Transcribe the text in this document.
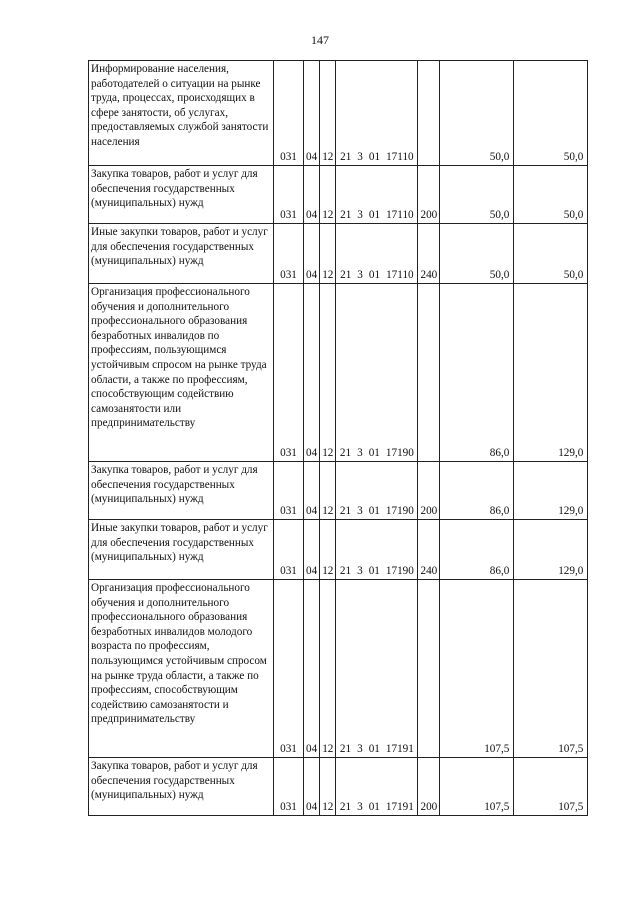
147
Информирование населения, работодателей о ситуации на рынке труда, процессах, происходящих в сфере занятости, об услугах, предоставляемых службой занятости населения	031	04	12	21 3 01 17110		50,0	50,0

Закупка товаров, работ и услуг для обеспечения государственных (муниципальных) нужд	031	04	12	21 3 01 17110	200	50,0	50,0

Иные закупки товаров, работ и услуг для обеспечения государственных (муниципальных) нужд	031	04	12	21 3 01 17110	240	50,0	50,0

Организация профессионального обучения и дополнительного профессионального образования безработных инвалидов по профессиям, пользующимся устойчивым спросом на рынке труда области, а также по профессиям, способствующим содействию самозанятости или предпринимательству	031	04	12	21 3 01 17190		86,0	129,0

Закупка товаров, работ и услуг для обеспечения государственных (муниципальных) нужд	031	04	12	21 3 01 17190	200	86,0	129,0

Иные закупки товаров, работ и услуг для обеспечения государственных (муниципальных) нужд	031	04	12	21 3 01 17190	240	86,0	129,0

Организация профессионального обучения и дополнительного профессионального образования безработных инвалидов молодого возраста по профессиям, пользующимся устойчивым спросом на рынке труда области, а также по профессиям, способствующим содействию самозанятости и предпринимательству	031	04	12	21 3 01 17191		107,5	107,5

Закупка товаров, работ и услуг для обеспечения государственных (муниципальных) нужд	031	04	12	21 3 01 17191	200	107,5	107,5
